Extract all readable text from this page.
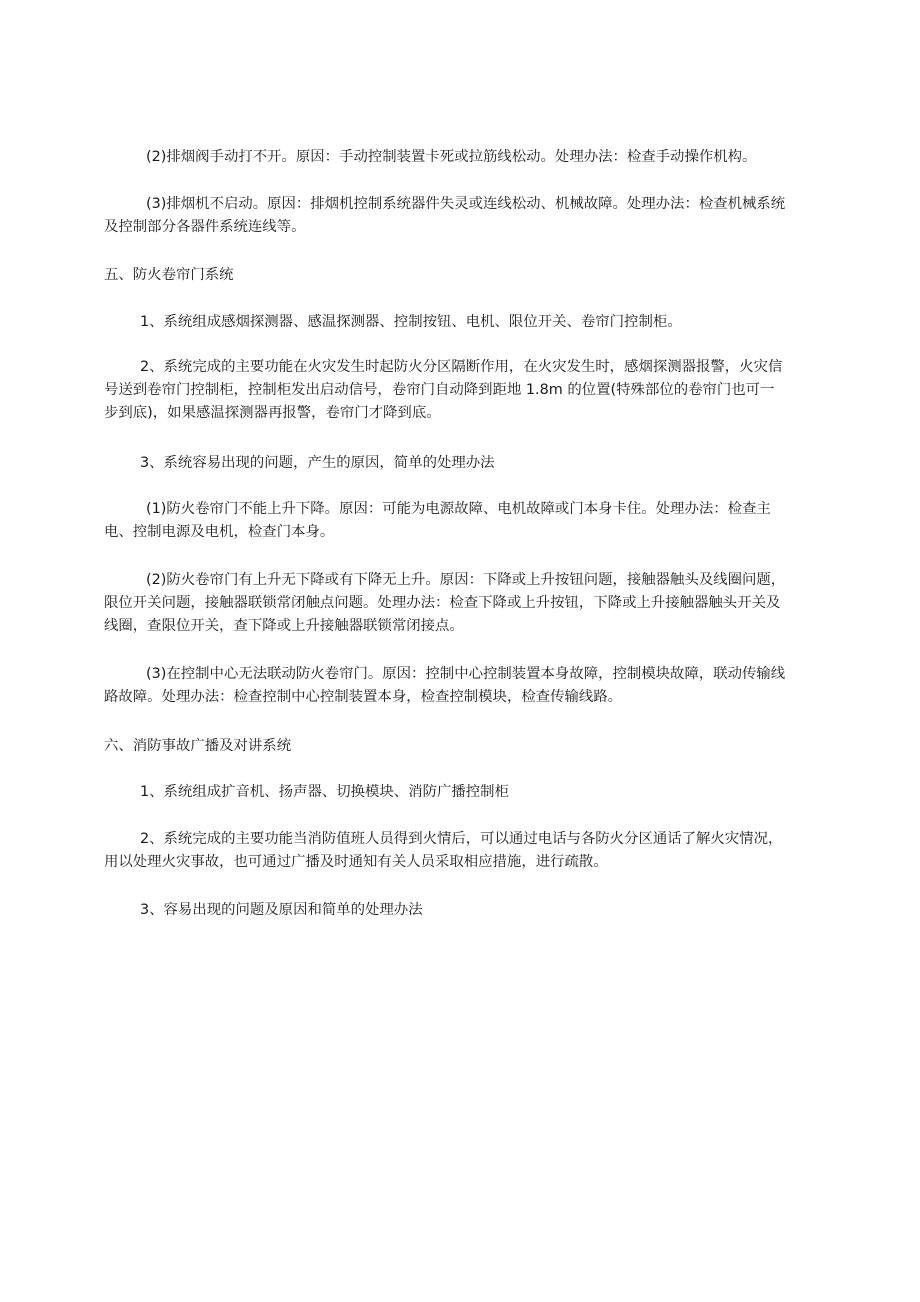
(2)排烟阀手动打不开。原因：手动控制装置卡死或拉筋线松动。处理办法：检查手动操作机构。

(3)排烟机不启动。原因：排烟机控制系统器件失灵或连线松动、机械故障。处理办法：检查机械系统及控制部分各器件系统连线等。

五、防火卷帘门系统

1、系统组成感烟探测器、感温探测器、控制按钮、电机、限位开关、卷帘门控制柜。

2、系统完成的主要功能在火灾发生时起防火分区隔断作用，在火灾发生时，感烟探测器报警，火灾信号送到卷帘门控制柜，控制柜发出启动信号，卷帘门自动降到距地 1.8m 的位置(特殊部位的卷帘门也可一步到底)，如果感温探测器再报警，卷帘门才降到底。

3、系统容易出现的问题，产生的原因，简单的处理办法

(1)防火卷帘门不能上升下降。原因：可能为电源故障、电机故障或门本身卡住。处理办法：检查主电、控制电源及电机，检查门本身。

(2)防火卷帘门有上升无下降或有下降无上升。原因：下降或上升按钮问题，接触器触头及线圈问题，限位开关问题，接触器联锁常闭触点问题。处理办法：检查下降或上升按钮，下降或上升接触器触头开关及线圈，查限位开关，查下降或上升接触器联锁常闭接点。

(3)在控制中心无法联动防火卷帘门。原因：控制中心控制装置本身故障，控制模块故障，联动传输线路故障。处理办法：检查控制中心控制装置本身，检查控制模块，检查传输线路。

六、消防事故广播及对讲系统

1、系统组成扩音机、扬声器、切换模块、消防广播控制柜

2、系统完成的主要功能当消防值班人员得到火情后，可以通过电话与各防火分区通话了解火灾情况，用以处理火灾事故，也可通过广播及时通知有关人员采取相应措施，进行疏散。

3、容易出现的问题及原因和简单的处理办法
